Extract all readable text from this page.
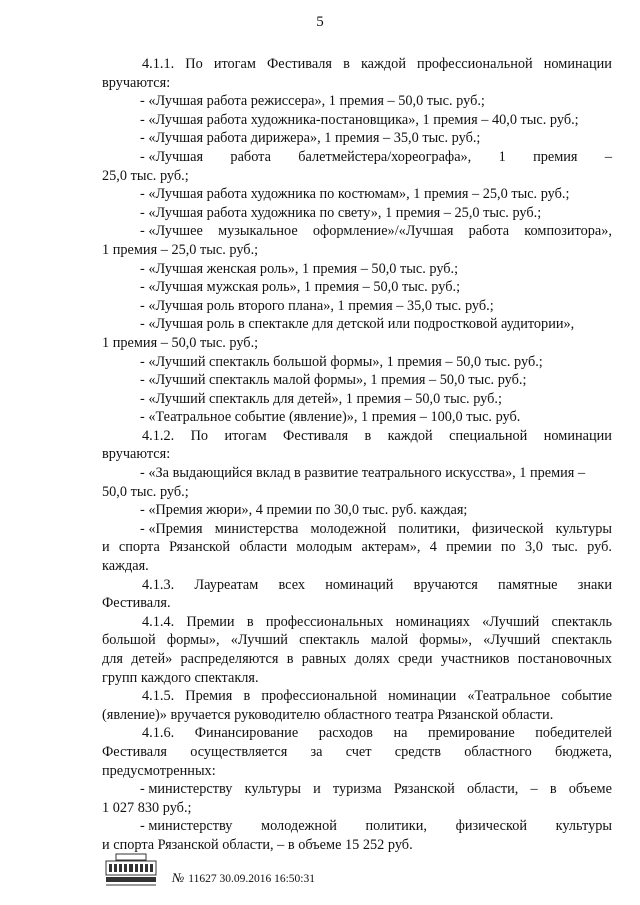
5
4.1.1. По итогам Фестиваля в каждой профессиональной номинации
вручаются:
- «Лучшая работа режиссера», 1 премия – 50,0 тыс. руб.;
- «Лучшая работа художника-постановщика», 1 премия – 40,0 тыс. руб.;
- «Лучшая работа дирижера», 1 премия – 35,0 тыс. руб.;
- «Лучшая работа балетмейстера/хореографа», 1 премия –
25,0 тыс. руб.;
- «Лучшая работа художника по костюмам», 1 премия – 25,0 тыс. руб.;
- «Лучшая работа художника по свету», 1 премия – 25,0 тыс. руб.;
- «Лучшее музыкальное оформление»/«Лучшая работа композитора»,
1 премия – 25,0 тыс. руб.;
- «Лучшая женская роль», 1 премия – 50,0 тыс. руб.;
- «Лучшая мужская роль», 1 премия – 50,0 тыс. руб.;
- «Лучшая роль второго плана», 1 премия – 35,0 тыс. руб.;
- «Лучшая роль в спектакле для детской или подростковой аудитории»,
1 премия – 50,0 тыс. руб.;
- «Лучший спектакль большой формы», 1 премия – 50,0 тыс. руб.;
- «Лучший спектакль малой формы», 1 премия – 50,0 тыс. руб.;
- «Лучший спектакль для детей», 1 премия – 50,0 тыс. руб.;
- «Театральное событие (явление)», 1 премия – 100,0 тыс. руб.
4.1.2. По итогам Фестиваля в каждой специальной номинации
вручаются:
- «За выдающийся вклад в развитие театрального искусства», 1 премия –
50,0 тыс. руб.;
- «Премия жюри», 4 премии по 30,0 тыс. руб. каждая;
- «Премия министерства молодежной политики, физической культуры
и спорта Рязанской области молодым актерам», 4 премии по 3,0 тыс. руб.
каждая.
4.1.3. Лауреатам всех номинаций вручаются памятные знаки
Фестиваля.
4.1.4. Премии в профессиональных номинациях «Лучший спектакль
большой формы», «Лучший спектакль малой формы», «Лучший спектакль
для детей» распределяются в равных долях среди участников постановочных
групп каждого спектакля.
4.1.5. Премия в профессиональной номинации «Театральное событие
(явление)» вручается руководителю областного театра Рязанской области.
4.1.6. Финансирование расходов на премирование победителей
Фестиваля осуществляется за счет средств областного бюджета,
предусмотренных:
- министерству культуры и туризма Рязанской области, – в объеме
1 027 830 руб.;
- министерству молодежной политики, физической культуры
и спорта Рязанской области, – в объеме 15 252 руб.
№ 11627 30.09.2016 16:50:31
